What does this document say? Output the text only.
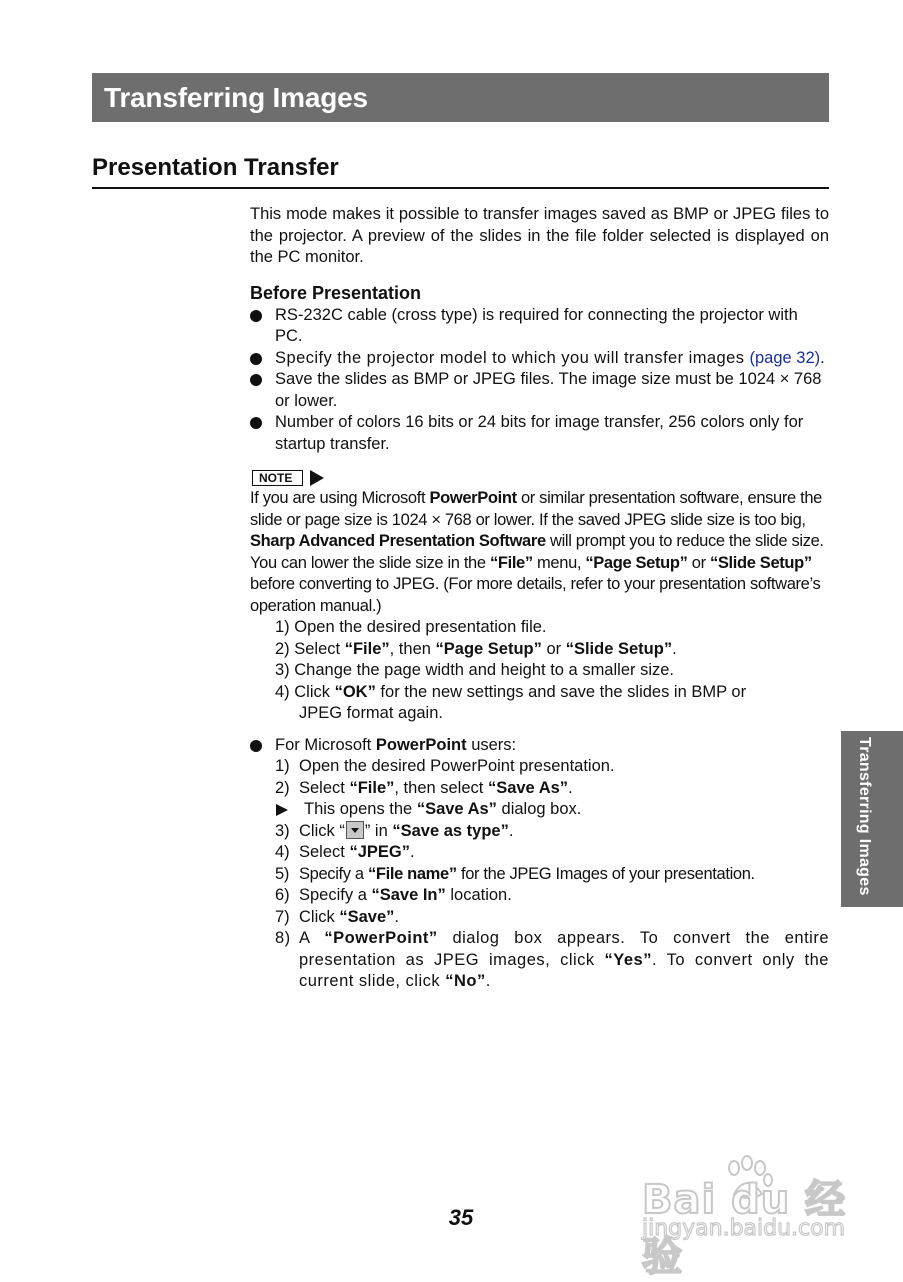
Transferring Images
Presentation Transfer

This mode makes it possible to transfer images saved as BMP or JPEG files to the projector. A preview of the slides in the file folder selected is displayed on the PC monitor.

Before Presentation
RS-232C cable (cross type) is required for connecting the projector with PC.
Specify the projector model to which you will transfer images (page 32).
Save the slides as BMP or JPEG files. The image size must be 1024 × 768 or lower.
Number of colors 16 bits or 24 bits for image transfer, 256 colors only for startup transfer.
NOTE

If you are using Microsoft PowerPoint or similar presentation software, ensure the slide or page size is 1024 × 768 or lower. If the saved JPEG slide size is too big, Sharp Advanced Presentation Software will prompt you to reduce the slide size. You can lower the slide size in the “File” menu, “Page Setup” or “Slide Setup” before converting to JPEG. (For more details, refer to your presentation software’s operation manual.)

1) Open the desired presentation file.
2) Select “File”, then “Page Setup” or “Slide Setup”.
3) Change the page width and height to a smaller size.
4) Click “OK” for the new settings and save the slides in BMP or
JPEG format again.
For Microsoft PowerPoint users:
1) Open the desired PowerPoint presentation.
2) Select “File”, then select “Save As”.
This opens the “Save As” dialog box.
3) Click “ ” in “Save as type”.
4) Select “JPEG”.
5) Specify a “File name” for the JPEG Images of your presentation.
6) Specify a “Save In” location.
7) Click “Save”.
8) A “PowerPoint” dialog box appears. To convert the entire presentation as JPEG images, click “Yes”. To convert only the current slide, click “No”.
Transferring Images
35	Bai du 经验
jingyan.baidu.com
